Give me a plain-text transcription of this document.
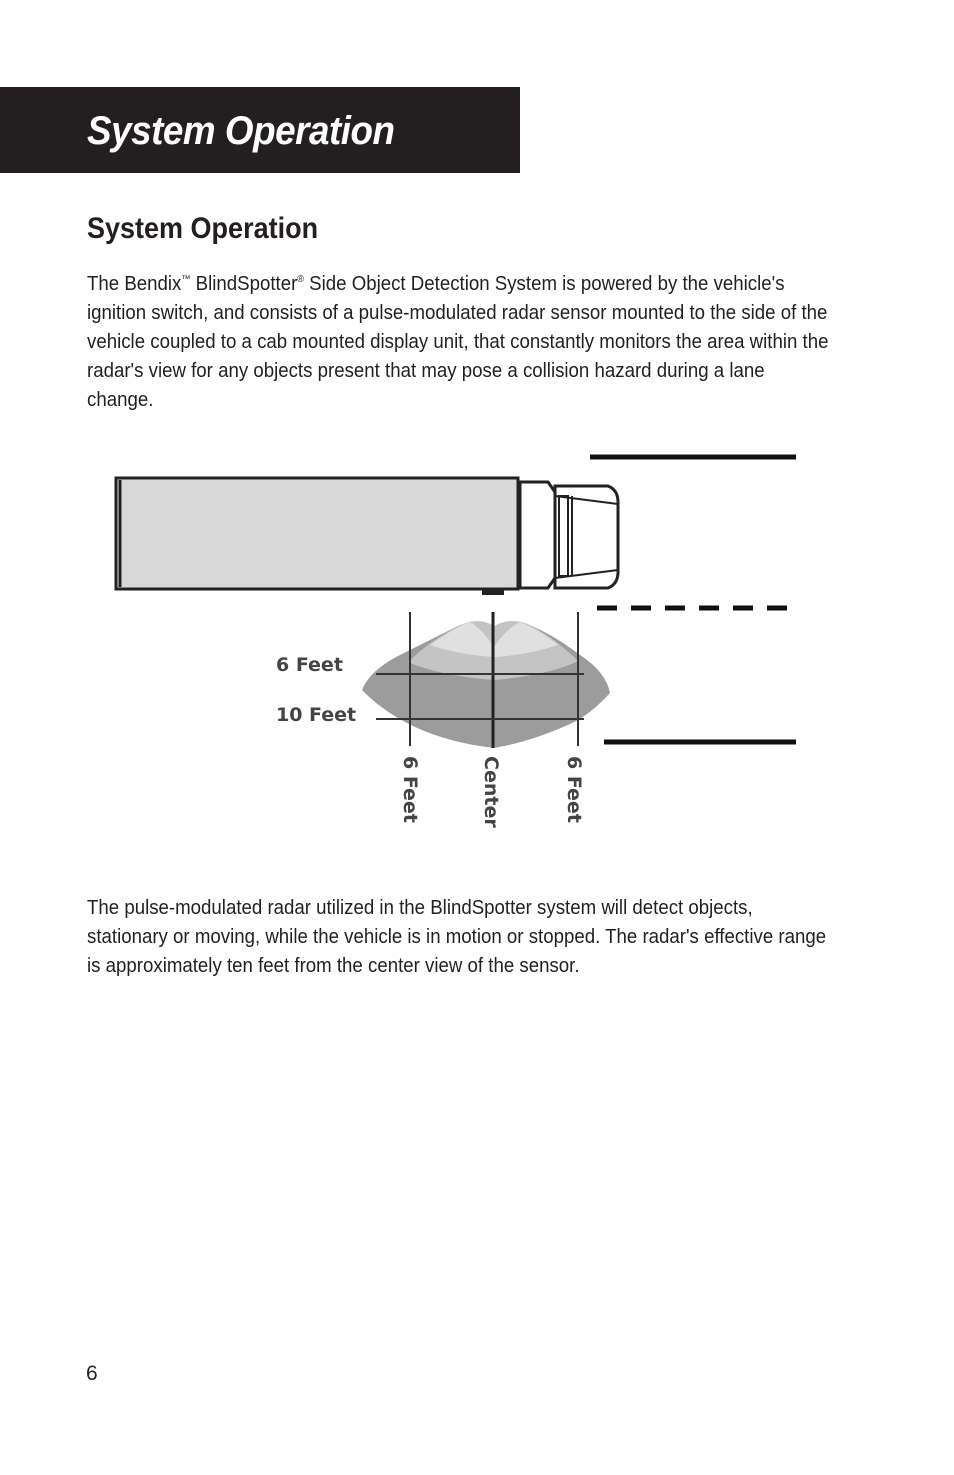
System Operation
System Operation

The Bendix™ BlindSpotter® Side Object Detection System is powered by the vehicle's ignition switch, and consists of a pulse-modulated radar sensor mounted to the side of the vehicle coupled to a cab mounted display unit, that constantly monitors the area within the radar's view for any objects present that may pose a collision hazard during a lane change.

6 Feet
10 Feet
6 Feet	Center	6 Feet

The pulse-modulated radar utilized in the BlindSpotter system will detect objects, stationary or moving, while the vehicle is in motion or stopped. The radar's effective range is approximately ten feet from the center view of the sensor.

6
